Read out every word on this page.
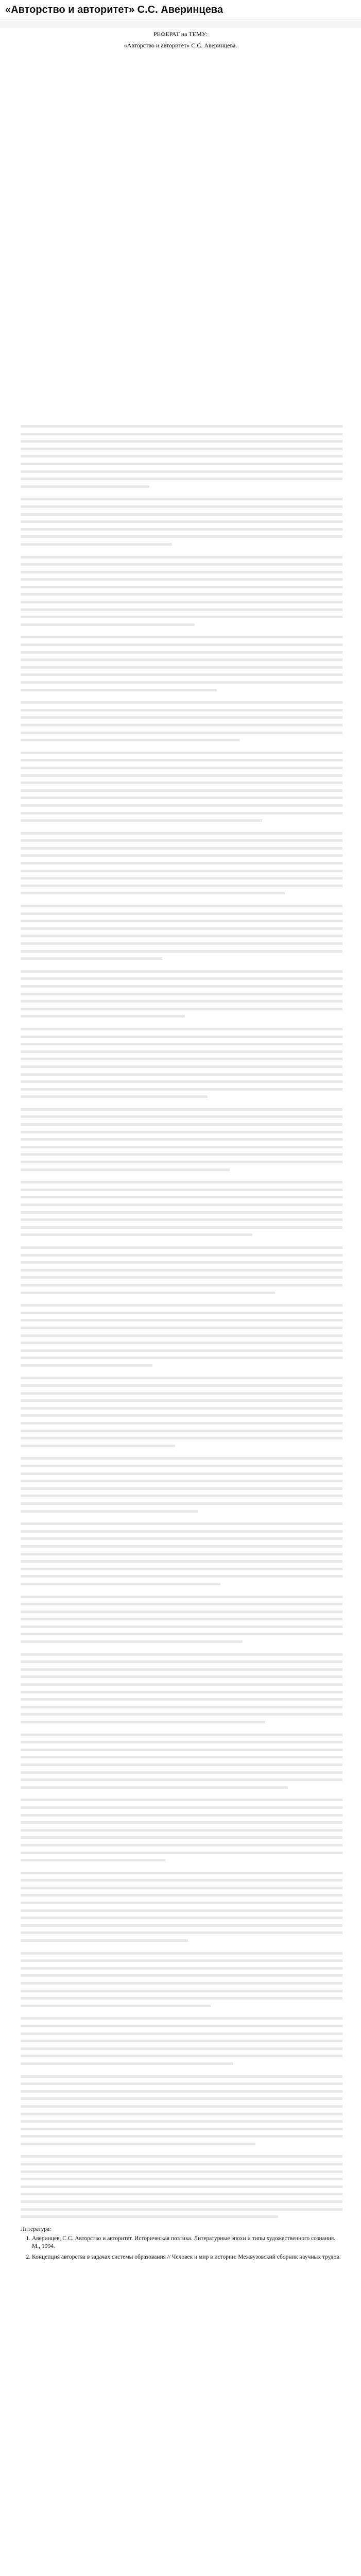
«Авторство и авторитет» С.С. Аверинцева
РЕФЕРАТ на ТЕМУ:
«Авторство и авторитет» С.С. Аверинцева.
Литература:
1. Аверинцев, С.С. Авторство и авторитет. Историческая поэтика. Литературные эпохи и типы художественного сознания. М., 1994.
2. Концепция авторства в задачах системы образования // Человек и мир в истории: Межвузовский сборник научных трудов.
